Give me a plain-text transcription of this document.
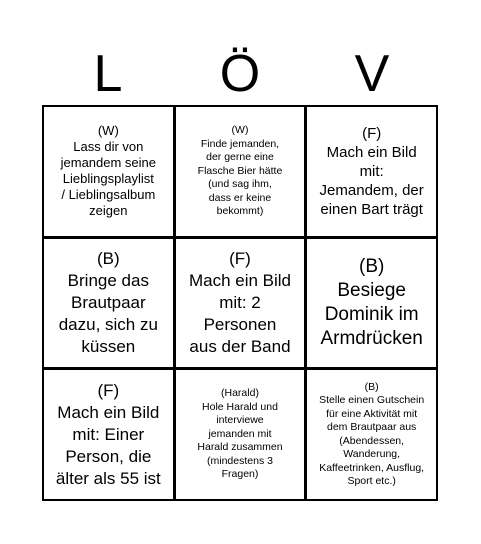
L	Ö	V
(W)
Lass dir von
jemandem seine
Lieblingsplaylist
/ Lieblingsalbum
zeigen
(W)
Finde jemanden,
der gerne eine
Flasche Bier hätte
(und sag ihm,
dass er keine
bekommt)
(F)
Mach ein Bild
mit:
Jemandem, der
einen Bart trägt
(B)
Bringe das
Brautpaar
dazu, sich zu
küssen
(F)
Mach ein Bild
mit: 2
Personen
aus der Band
(B)
Besiege
Dominik im
Armdrücken
(F)
Mach ein Bild
mit: Einer
Person, die
älter als 55 ist
(Harald)
Hole Harald und
interviewe
jemanden mit
Harald zusammen
(mindestens 3
Fragen)
(B)
Stelle einen Gutschein
für eine Aktivität mit
dem Brautpaar aus
(Abendessen,
Wanderung,
Kaffeetrinken, Ausflug,
Sport etc.)
